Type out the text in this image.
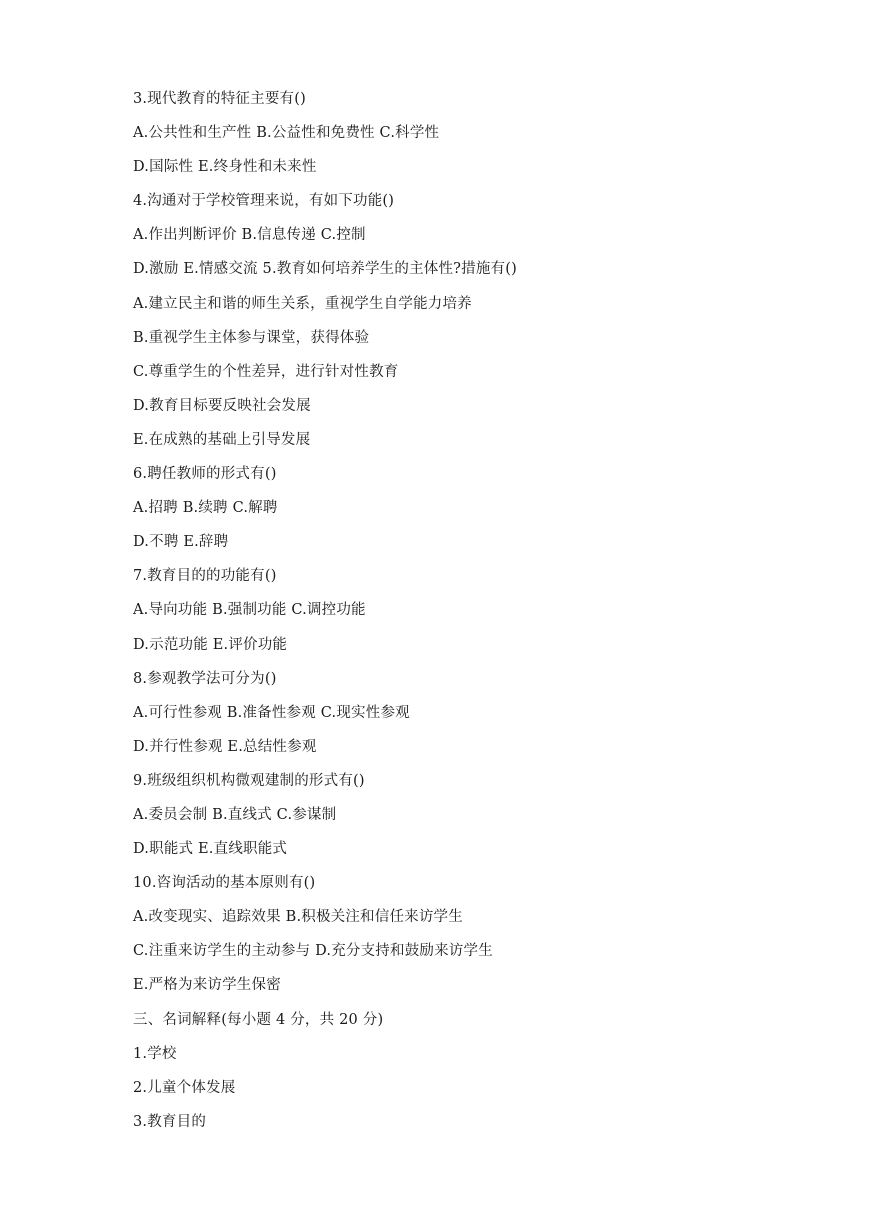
3.现代教育的特征主要有()
A.公共性和生产性 B.公益性和免费性 C.科学性
D.国际性 E.终身性和未来性
4.沟通对于学校管理来说，有如下功能()
A.作出判断评价 B.信息传递 C.控制
D.激励 E.情感交流 5.教育如何培养学生的主体性?措施有()
A.建立民主和谐的师生关系，重视学生自学能力培养
B.重视学生主体参与课堂，获得体验
C.尊重学生的个性差异，进行针对性教育
D.教育目标要反映社会发展
E.在成熟的基础上引导发展
6.聘任教师的形式有()
A.招聘 B.续聘 C.解聘
D.不聘 E.辞聘
7.教育目的的功能有()
A.导向功能 B.强制功能 C.调控功能
D.示范功能 E.评价功能
8.参观教学法可分为()
A.可行性参观 B.准备性参观 C.现实性参观
D.并行性参观 E.总结性参观
9.班级组织机构微观建制的形式有()
A.委员会制 B.直线式 C.参谋制
D.职能式 E.直线职能式
10.咨询活动的基本原则有()
A.改变现实、追踪效果 B.积极关注和信任来访学生
C.注重来访学生的主动参与 D.充分支持和鼓励来访学生
E.严格为来访学生保密
三、名词解释(每小题 4 分，共 20 分)
1.学校
2.儿童个体发展
3.教育目的
